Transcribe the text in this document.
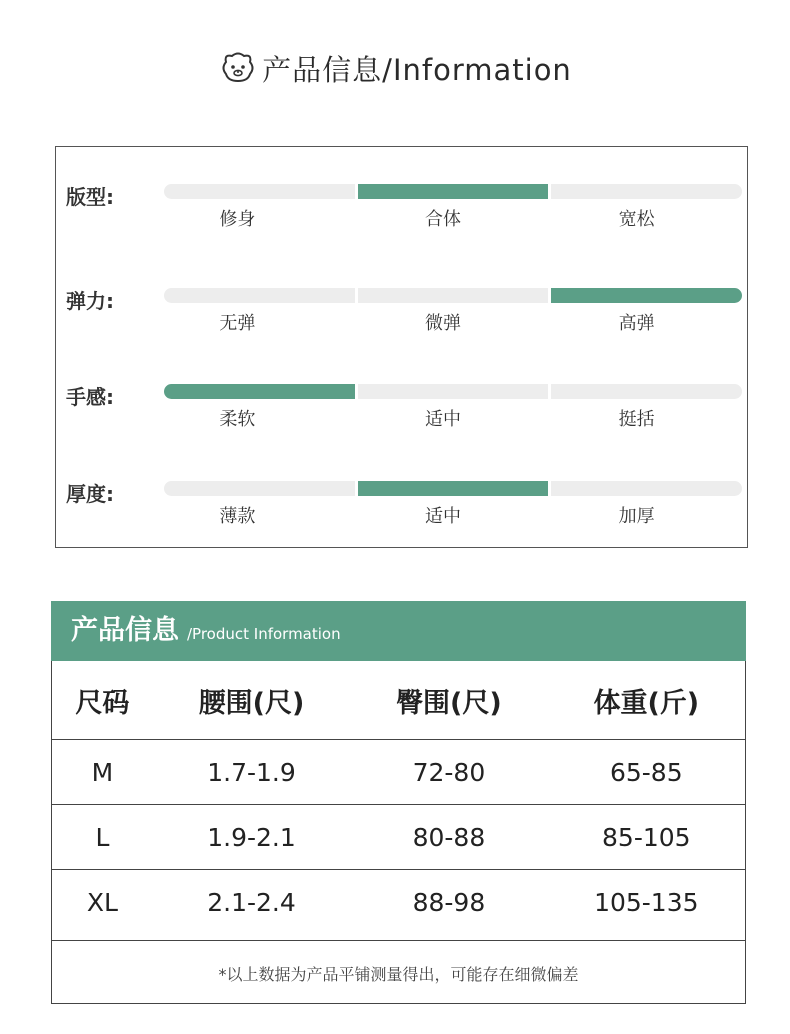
产品信息/Information
版型:
修身	合体	宽松
弹力:
无弹	微弹	高弹
手感:
柔软	适中	挺括
厚度:
薄款	适中	加厚
产品信息 /Product Information
尺码	腰围(尺)	臀围(尺)	体重(斤)
M	1.7-1.9	72-80	65-85
L	1.9-2.1	80-88	85-105
XL	2.1-2.4	88-98	105-135
*以上数据为产品平铺测量得出，可能存在细微偏差
